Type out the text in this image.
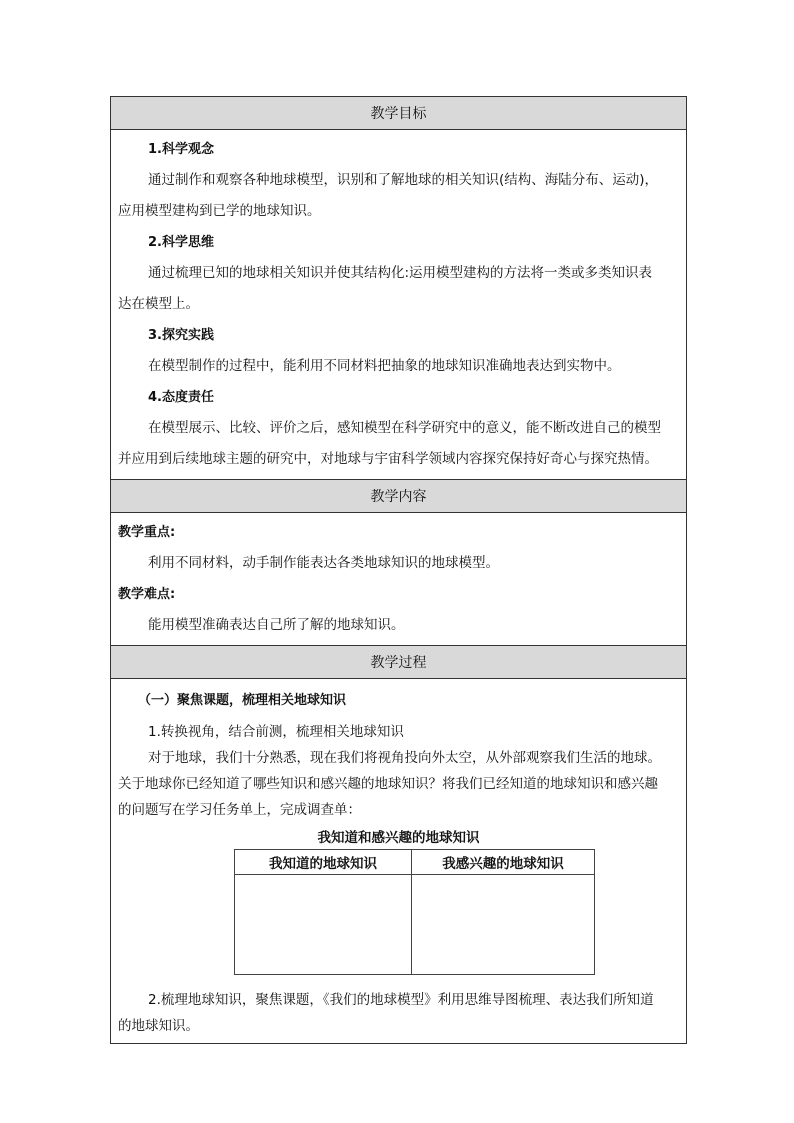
教学目标
1.科学观念
通过制作和观察各种地球模型，识别和了解地球的相关知识(结构、海陆分布、运动)，
应用模型建构到已学的地球知识。
2.科学思维
通过梳理已知的地球相关知识并使其结构化:运用模型建构的方法将一类或多类知识表
达在模型上。
3.探究实践
在模型制作的过程中，能利用不同材料把抽象的地球知识准确地表达到实物中。
4.态度责任
在模型展示、比较、评价之后，感知模型在科学研究中的意义，能不断改进自己的模型
并应用到后续地球主题的研究中，对地球与宇宙科学领域内容探究保持好奇心与探究热情。
教学内容
教学重点:
利用不同材料，动手制作能表达各类地球知识的地球模型。
教学难点:
能用模型准确表达自己所了解的地球知识。
教学过程
（一）聚焦课题，梳理相关地球知识
1.转换视角，结合前测，梳理相关地球知识
对于地球，我们十分熟悉，现在我们将视角投向外太空，从外部观察我们生活的地球。
关于地球你已经知道了哪些知识和感兴趣的地球知识？将我们已经知道的地球知识和感兴趣
的问题写在学习任务单上，完成调查单：
我知道和感兴趣的地球知识
我知道的地球知识	我感兴趣的地球知识

2.梳理地球知识，聚焦课题，《我们的地球模型》利用思维导图梳理、表达我们所知道
的地球知识。
